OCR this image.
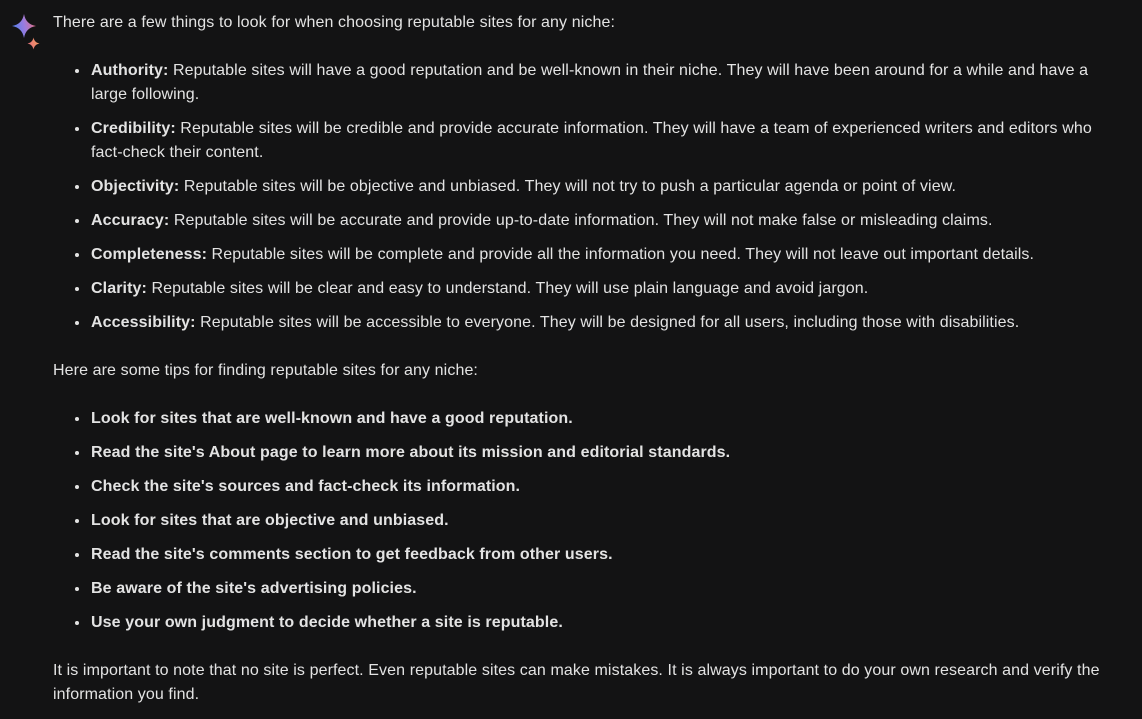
There are a few things to look for when choosing reputable sites for any niche:

• Authority: Reputable sites will have a good reputation and be well-known in their niche. They will have been around for a while and have a large following.
• Credibility: Reputable sites will be credible and provide accurate information. They will have a team of experienced writers and editors who fact-check their content.
• Objectivity: Reputable sites will be objective and unbiased. They will not try to push a particular agenda or point of view.
• Accuracy: Reputable sites will be accurate and provide up-to-date information. They will not make false or misleading claims.
• Completeness: Reputable sites will be complete and provide all the information you need. They will not leave out important details.
• Clarity: Reputable sites will be clear and easy to understand. They will use plain language and avoid jargon.
• Accessibility: Reputable sites will be accessible to everyone. They will be designed for all users, including those with disabilities.

Here are some tips for finding reputable sites for any niche:

• Look for sites that are well-known and have a good reputation.
• Read the site's About page to learn more about its mission and editorial standards.
• Check the site's sources and fact-check its information.
• Look for sites that are objective and unbiased.
• Read the site's comments section to get feedback from other users.
• Be aware of the site's advertising policies.
• Use your own judgment to decide whether a site is reputable.

It is important to note that no site is perfect. Even reputable sites can make mistakes. It is always important to do your own research and verify the information you find.
